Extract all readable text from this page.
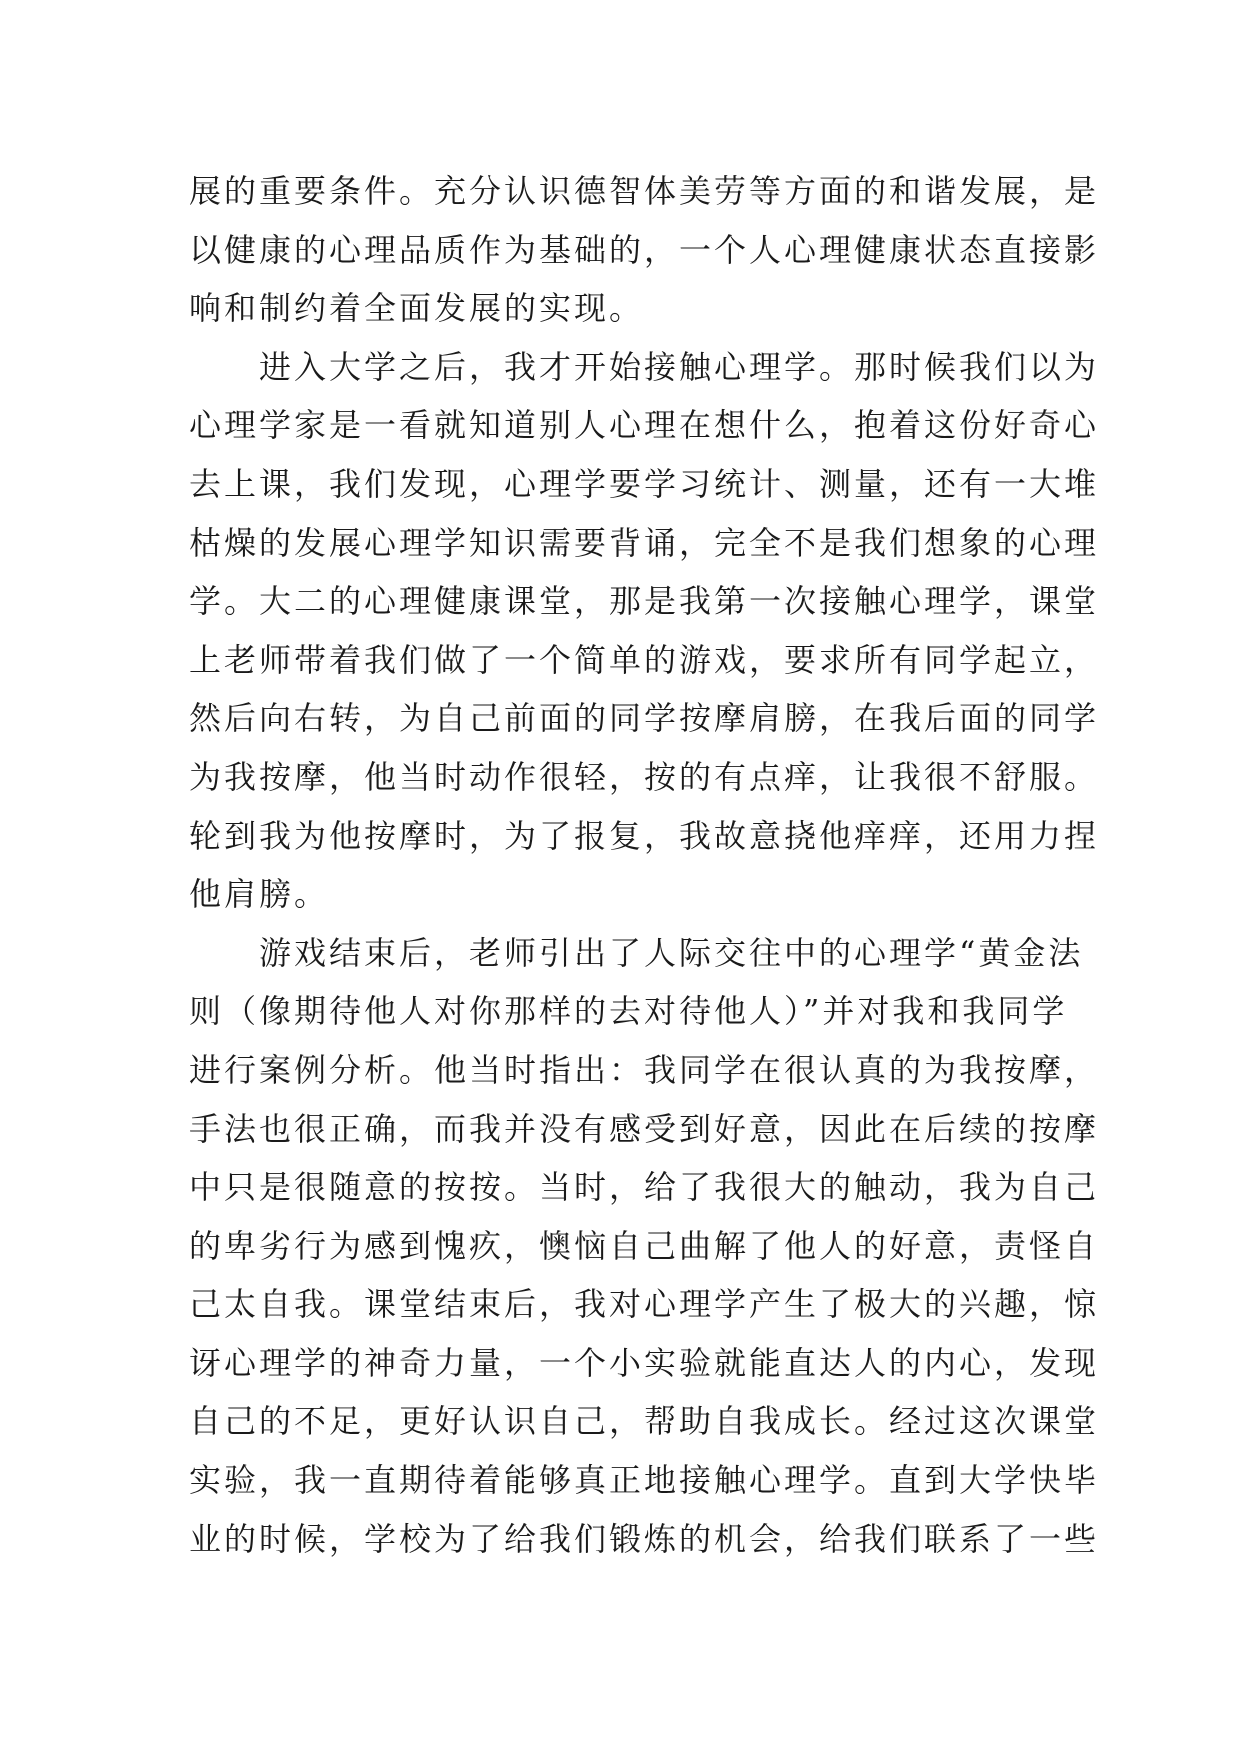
展的重要条件。充分认识德智体美劳等方面的和谐发展，是
以健康的心理品质作为基础的，一个人心理健康状态直接影
响和制约着全面发展的实现。
进入大学之后，我才开始接触心理学。那时候我们以为
心理学家是一看就知道别人心理在想什么，抱着这份好奇心
去上课，我们发现，心理学要学习统计、测量，还有一大堆
枯燥的发展心理学知识需要背诵，完全不是我们想象的心理
学。大二的心理健康课堂，那是我第一次接触心理学，课堂
上老师带着我们做了一个简单的游戏，要求所有同学起立，
然后向右转，为自己前面的同学按摩肩膀，在我后面的同学
为我按摩，他当时动作很轻，按的有点痒，让我很不舒服。
轮到我为他按摩时，为了报复，我故意挠他痒痒，还用力捏
他肩膀。
游戏结束后，老师引出了人际交往中的心理学“黄金法
则（像期待他人对你那样的去对待他人）”并对我和我同学
进行案例分析。他当时指出：我同学在很认真的为我按摩，
手法也很正确，而我并没有感受到好意，因此在后续的按摩
中只是很随意的按按。当时，给了我很大的触动，我为自己
的卑劣行为感到愧疚，懊恼自己曲解了他人的好意，责怪自
己太自我。课堂结束后，我对心理学产生了极大的兴趣，惊
讶心理学的神奇力量，一个小实验就能直达人的内心，发现
自己的不足，更好认识自己，帮助自我成长。经过这次课堂
实验，我一直期待着能够真正地接触心理学。直到大学快毕
业的时候，学校为了给我们锻炼的机会，给我们联系了一些
